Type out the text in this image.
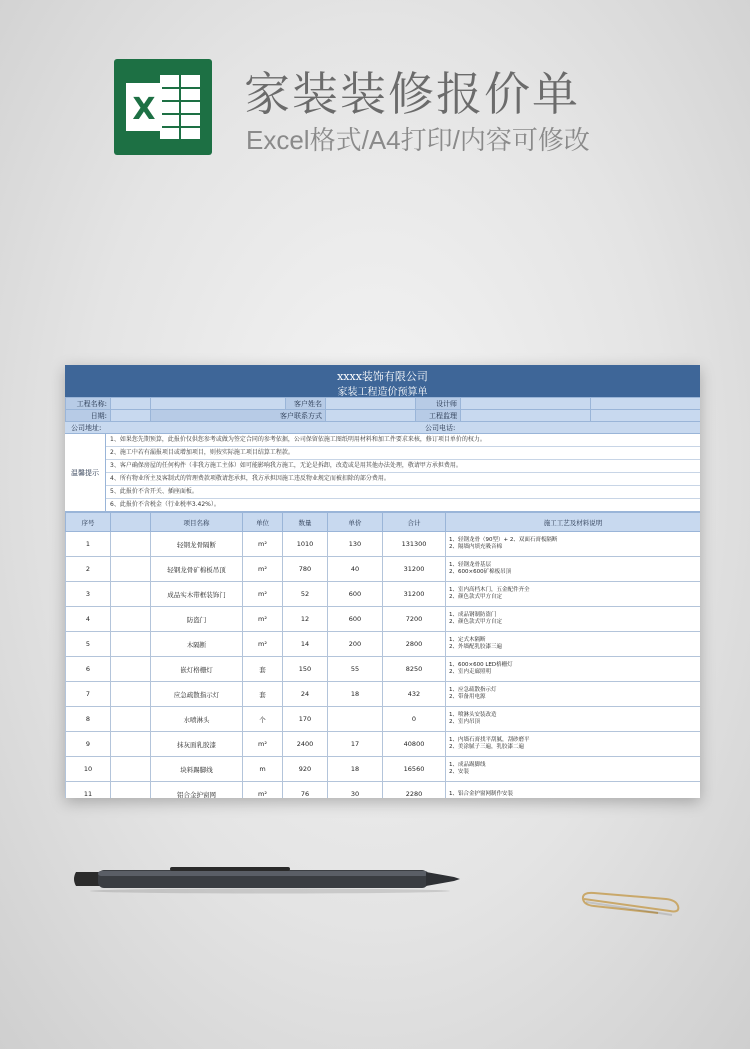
X 家装装修报价单
Excel格式/A4打印/内容可修改
xxxx装饰有限公司
家装工程造价预算单
工程名称:			客户姓名		设计师		
日期:		客户联系方式			工程监理		
公司地址:	公司电话:
温馨提示
1、如果您先期预算，此报价仅供您参考或做为签定合同的参考依据，公司保留依施工图纸明用材料和加工件要求来核，修订项目单价的权力。
2、施工中若有漏报项目或增加项目，则按实际施工项目结算工程款。
3、客户确保房屋的任何构件（非我方施工主体）如可能影响我方施工，无论是拆卸，改造或是用其他办法处理，敬请甲方承担费用。
4、所有物业所主及客制式的管理费款项敬请您承担，我方承担因施工违反物业规定而被扣除的部分费用。
5、此报价不含开关、插座面板。
6、此报价不含税金（行业税率3.42%）。
序号		项目名称	单位	数量	单价	合计	施工工艺及材料说明
1		轻钢龙骨隔断	m²	1010	130	131300	1、轻钢龙骨（90型）+ 2、双面石膏板隔断
2、隔墙内填充吸音棉

2		轻钢龙骨矿棉板吊顶	m²	780	40	31200	1、轻钢龙骨基层
2、600×600矿棉板吊顶

3		成品实木带框装饰门	m²	52	600	31200	1、室内高档木门，五金配件齐全
2、颜色款式甲方自定

4		防盗门	m²	12	600	7200	1、成品钢制防盗门
2、颜色款式甲方自定

5		木隔断	m²	14	200	2800	1、定式木隔断
2、外墙配乳胶漆三遍

6		嵌灯格栅灯	套	150	55	8250	1、600×600 LED格栅灯
2、室内走廊照明

7		应急疏散指示灯	套	24	18	432	1、应急疏散指示灯
2、带备用电源

8		水喷淋头	个	170		0	1、喷淋头安装改造
2、室内吊顶

9		抹灰面乳胶漆	m²	2400	17	40800	1、内墙石膏找平刮腻，刮砂磨平
2、美涂腻子三遍，乳胶漆二遍

10		块料踢脚线	m	920	18	16560	1、成品踢脚线
2、安装

11		铝合金护窗网	m²	76	30	2280	1、铝合金护窗网制作安装
